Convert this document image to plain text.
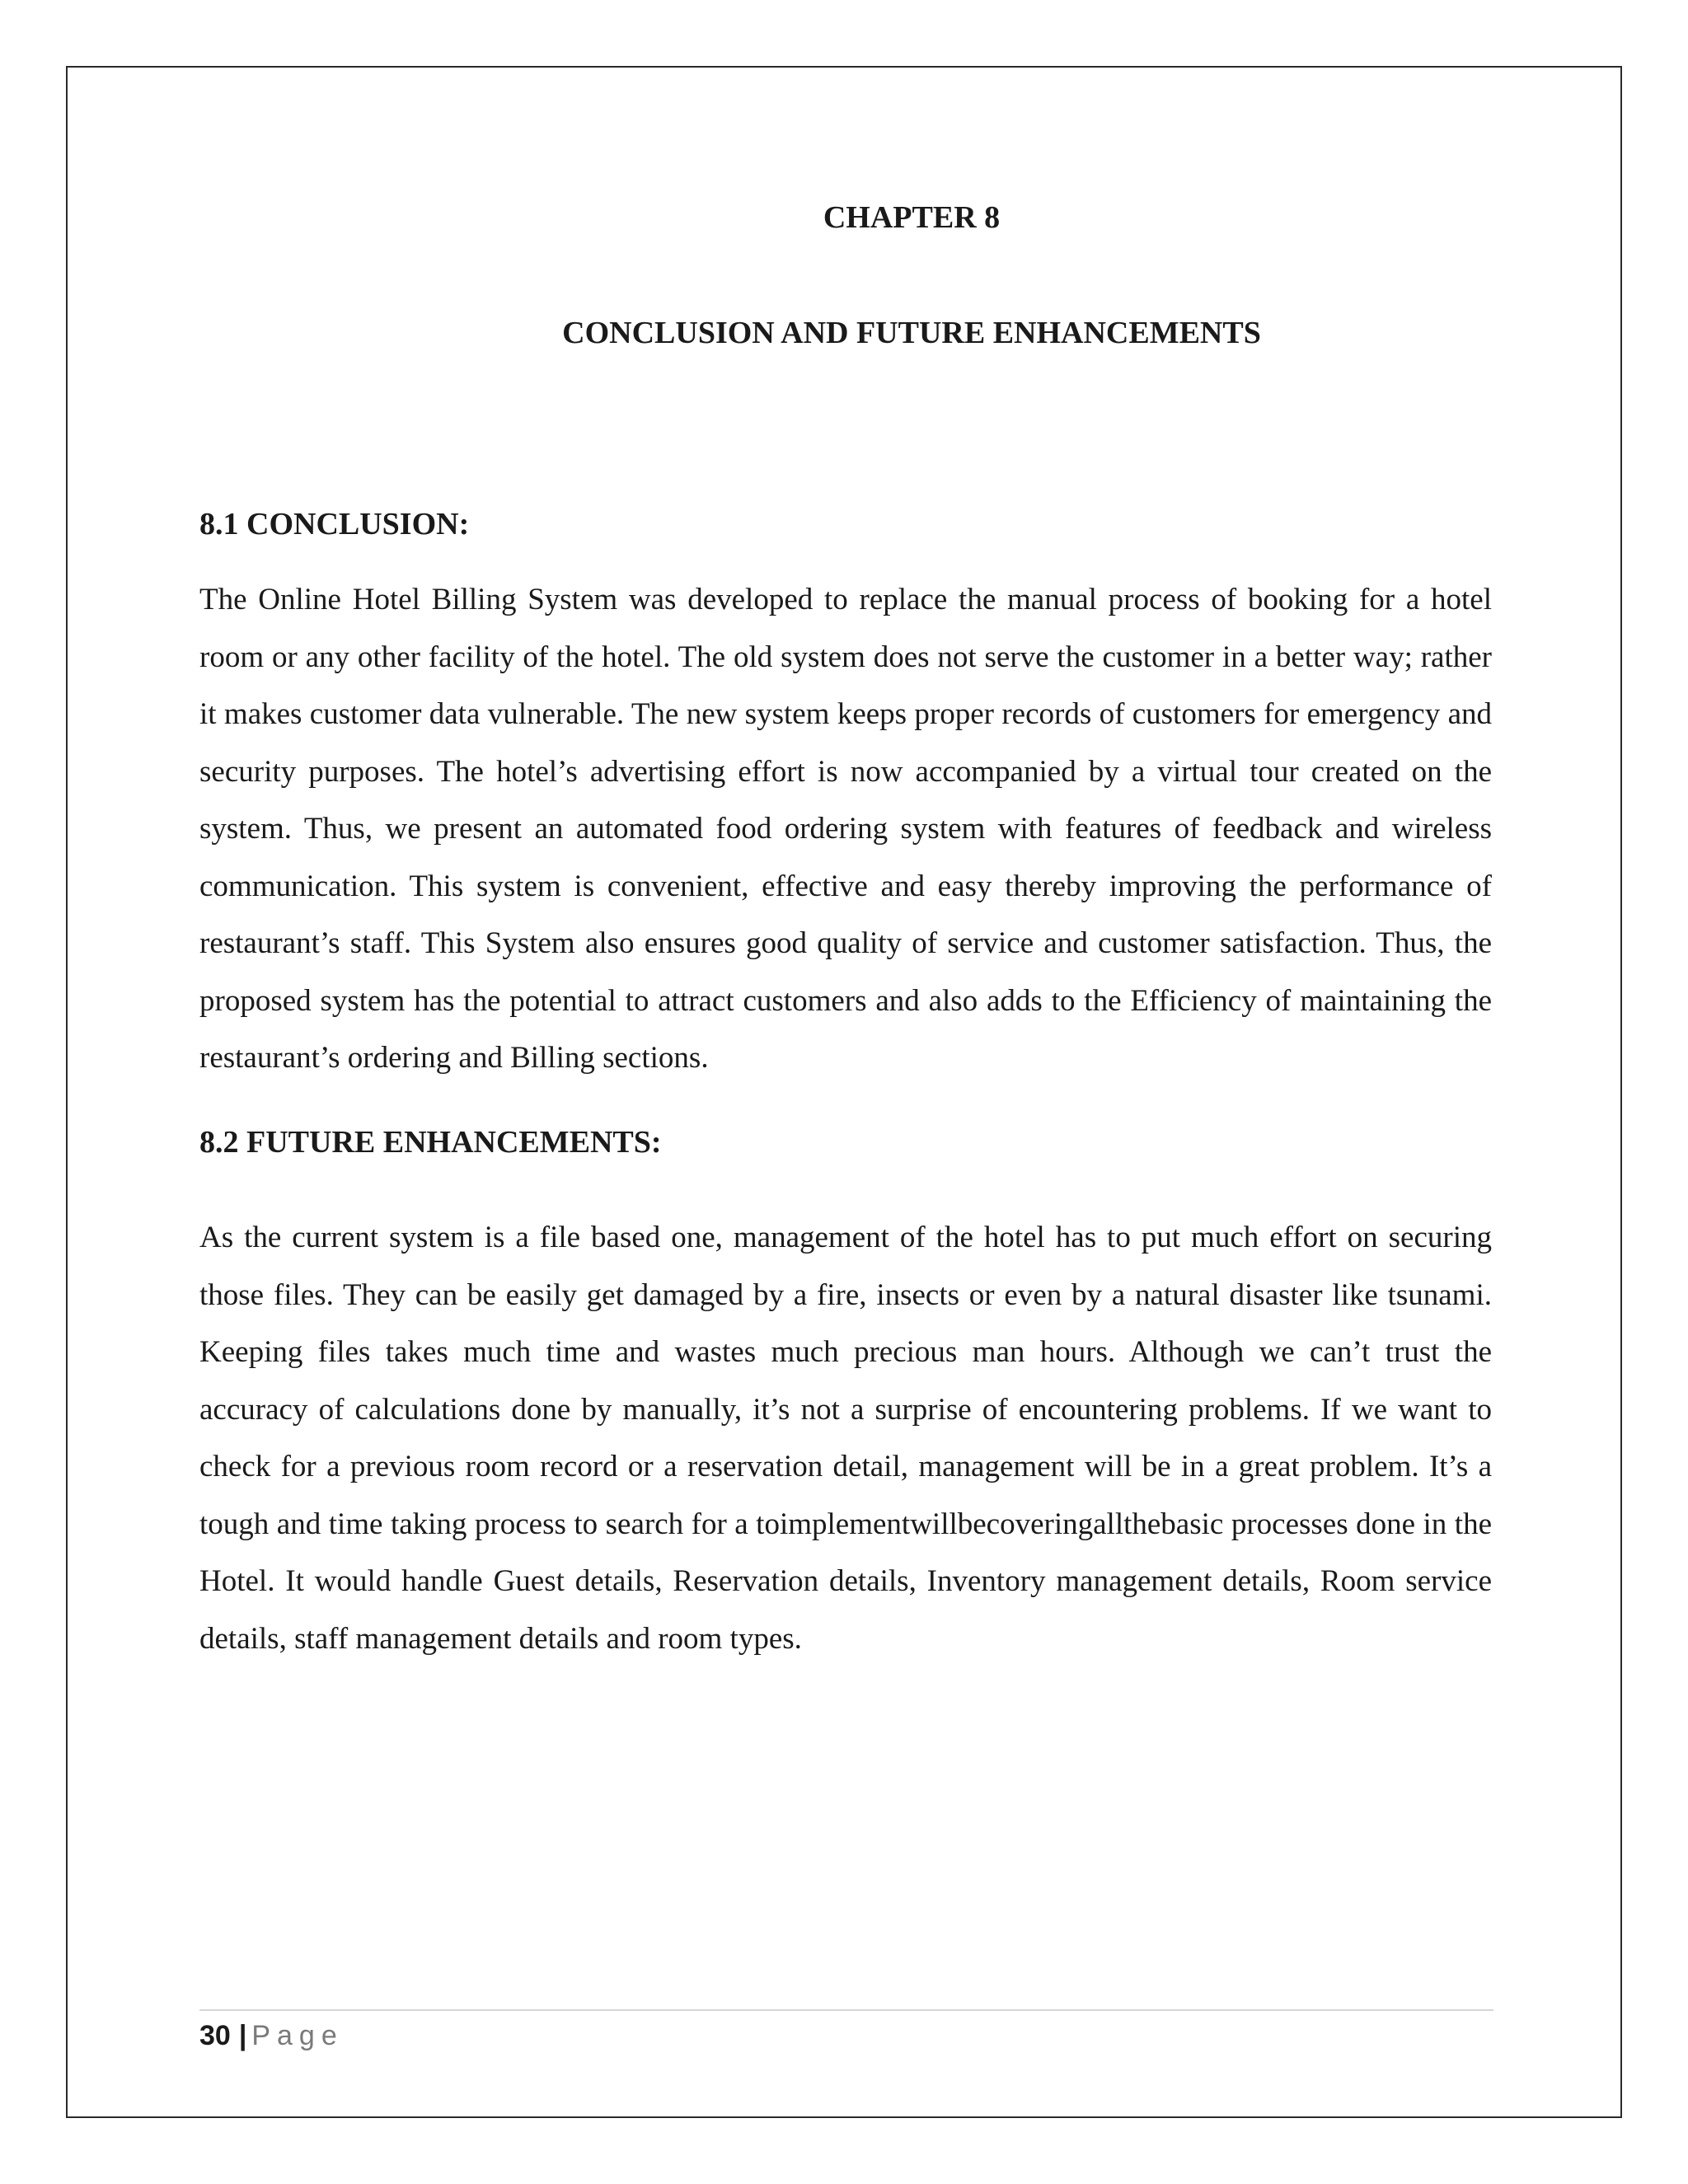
CHAPTER 8
CONCLUSION AND FUTURE ENHANCEMENTS
8.1 CONCLUSION:

The Online Hotel Billing System was developed to replace the manual process of booking for a hotel room or any other facility of the hotel. The old system does not serve the customer in a better way; rather it makes customer data vulnerable. The new system keeps proper records of customers for emergency and security purposes. The hotel’s advertising effort is now accompanied by a virtual tour created on the system. Thus, we present an automated food ordering system with features of feedback and wireless communication. This system is convenient, effective and easy thereby improving the performance of restaurant’s staff. This System also ensures good quality of service and customer satisfaction. Thus, the proposed system has the potential to attract customers and also adds to the Efficiency of maintaining the restaurant’s ordering and Billing sections.

8.2 FUTURE ENHANCEMENTS:

As the current system is a file based one, management of the hotel has to put much effort on securing those files. They can be easily get damaged by a fire, insects or even by a natural disaster like tsunami. Keeping files takes much time and wastes much precious man hours. Although we can’t trust the accuracy of calculations done by manually, it’s not a surprise of encountering problems. If we want to check for a previous room record or a reservation detail, management will be in a great problem. It’s a tough and time taking process to search for a toimplementwillbecoveringallthebasic processes done in the Hotel. It would handle Guest details, Reservation details, Inventory management details, Room service details, staff management details and room types.

30 | Page
